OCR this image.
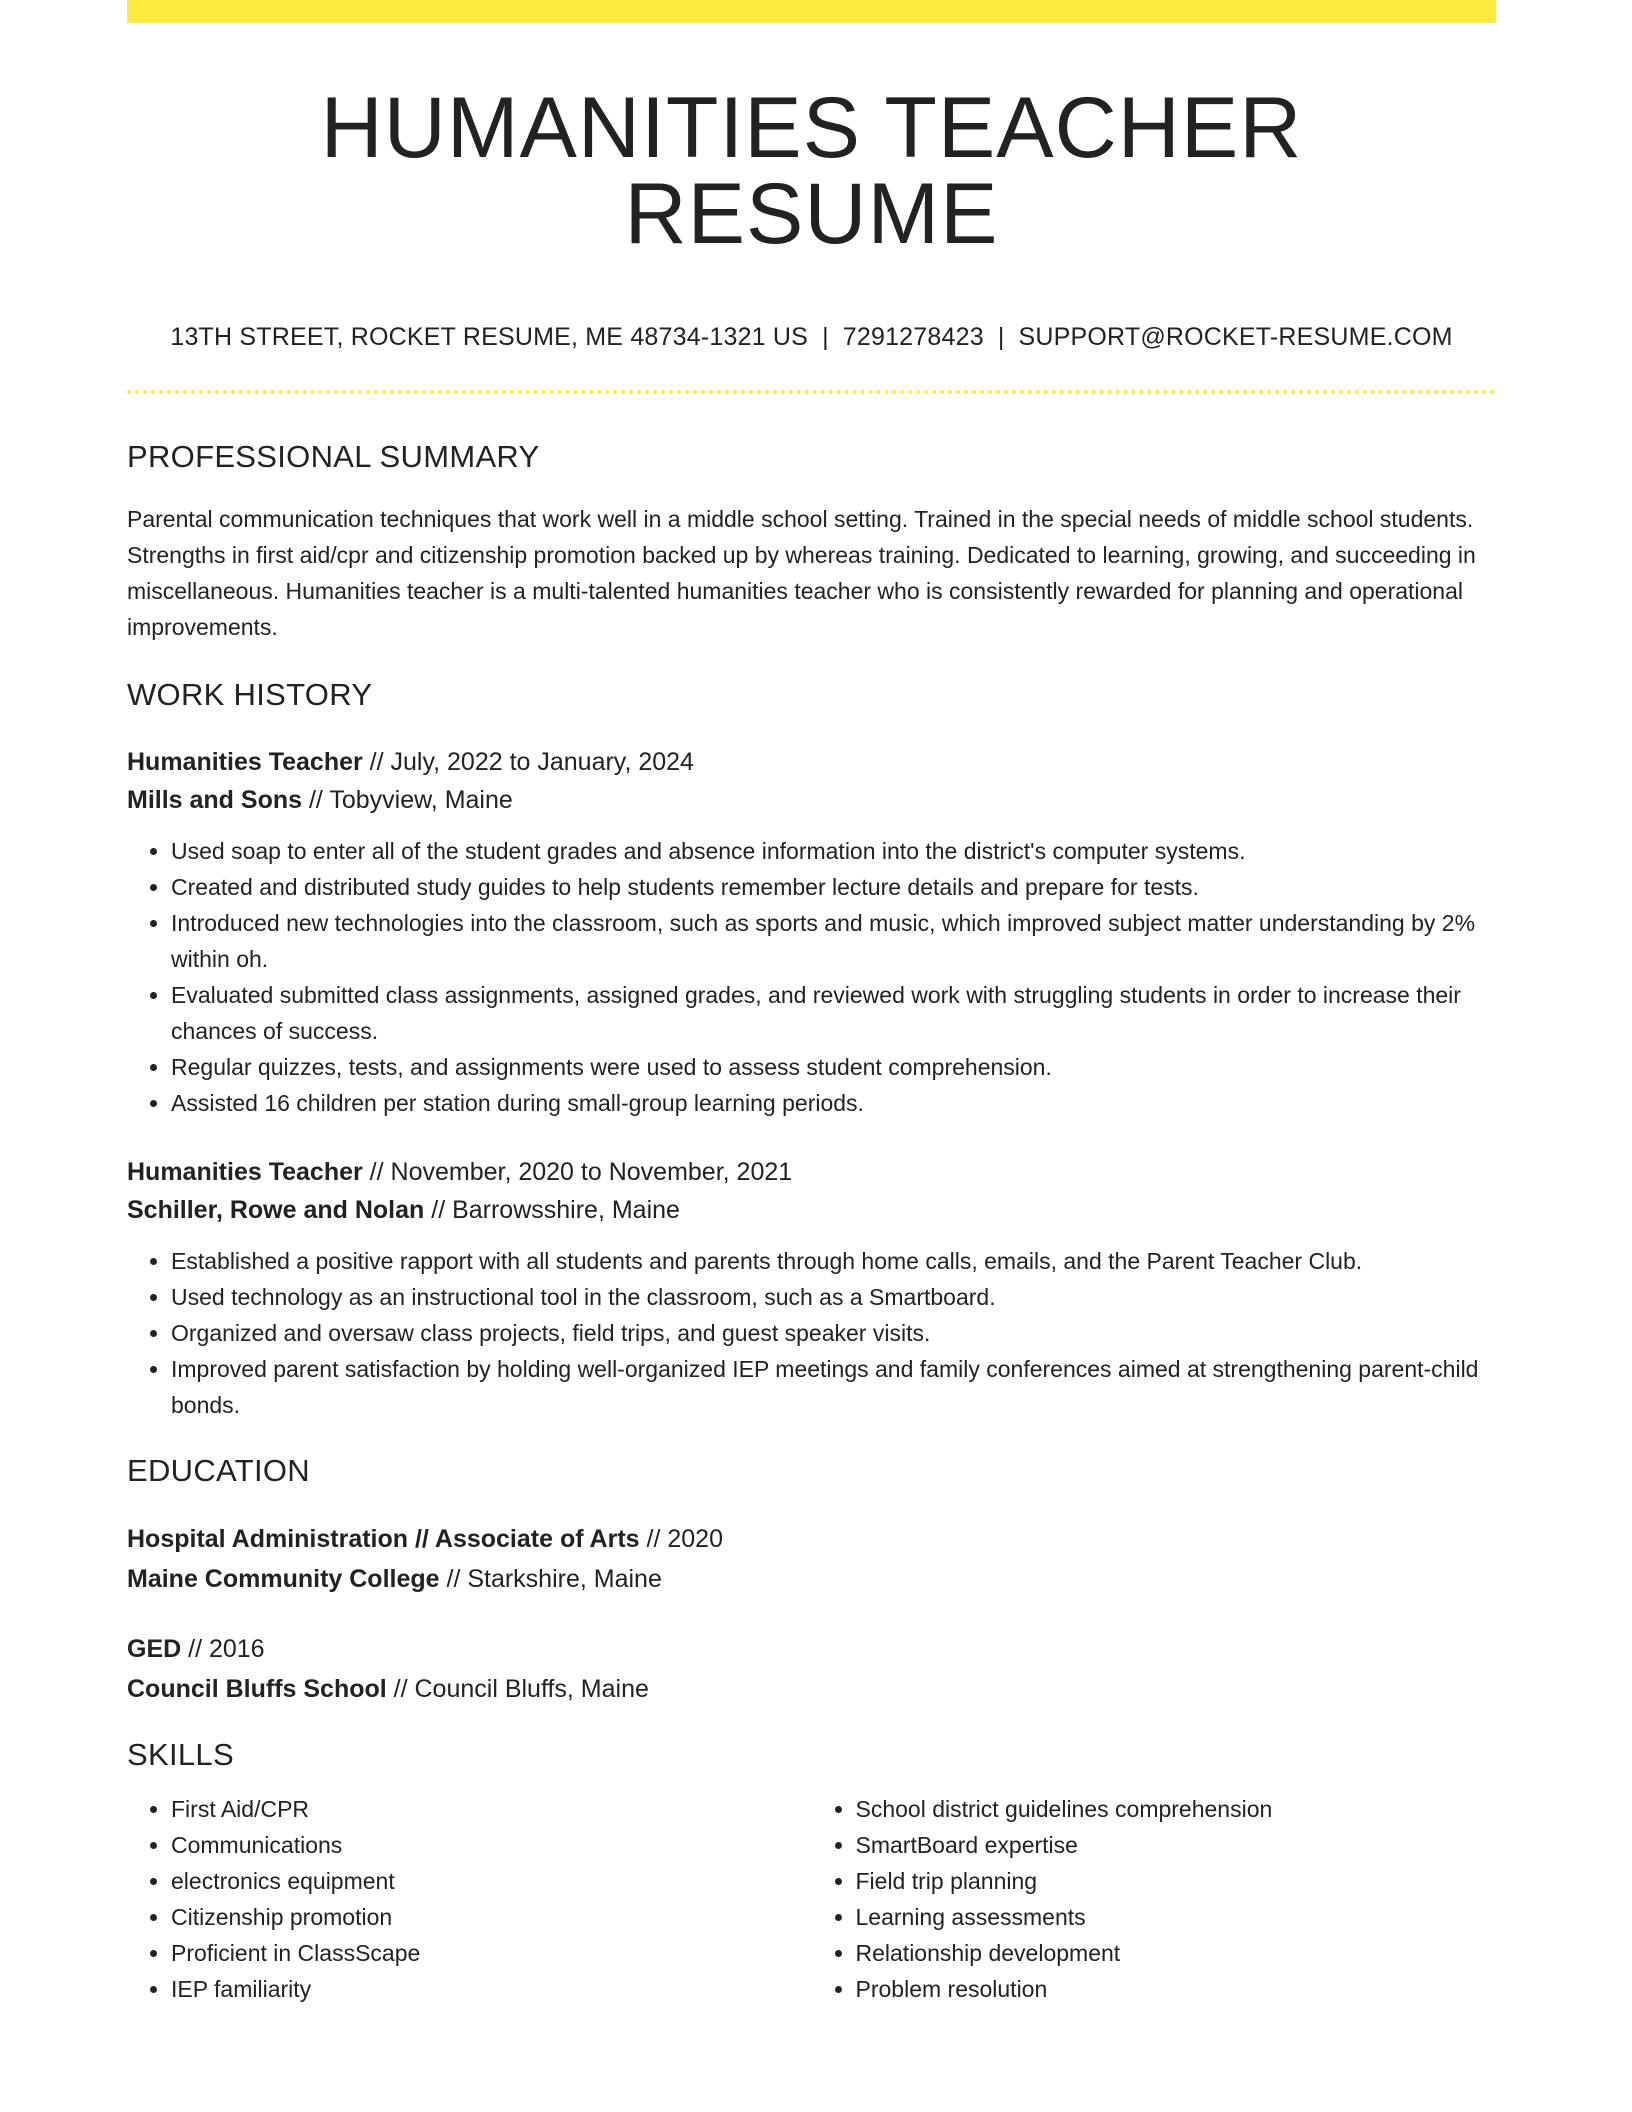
HUMANITIES TEACHER RESUME
13TH STREET, ROCKET RESUME, ME 48734-1321 US | 7291278423 | SUPPORT@ROCKET-RESUME.COM
PROFESSIONAL SUMMARY
Parental communication techniques that work well in a middle school setting. Trained in the special needs of middle school students. Strengths in first aid/cpr and citizenship promotion backed up by whereas training. Dedicated to learning, growing, and succeeding in miscellaneous. Humanities teacher is a multi-talented humanities teacher who is consistently rewarded for planning and operational improvements.
WORK HISTORY
Humanities Teacher // July, 2022 to January, 2024
Mills and Sons // Tobyview, Maine
• Used soap to enter all of the student grades and absence information into the district's computer systems.
• Created and distributed study guides to help students remember lecture details and prepare for tests.
• Introduced new technologies into the classroom, such as sports and music, which improved subject matter understanding by 2% within oh.
• Evaluated submitted class assignments, assigned grades, and reviewed work with struggling students in order to increase their chances of success.
• Regular quizzes, tests, and assignments were used to assess student comprehension.
• Assisted 16 children per station during small-group learning periods.
Humanities Teacher // November, 2020 to November, 2021
Schiller, Rowe and Nolan // Barrowsshire, Maine
• Established a positive rapport with all students and parents through home calls, emails, and the Parent Teacher Club.
• Used technology as an instructional tool in the classroom, such as a Smartboard.
• Organized and oversaw class projects, field trips, and guest speaker visits.
• Improved parent satisfaction by holding well-organized IEP meetings and family conferences aimed at strengthening parent-child bonds.
EDUCATION
Hospital Administration // Associate of Arts // 2020
Maine Community College // Starkshire, Maine
GED // 2016
Council Bluffs School // Council Bluffs, Maine
SKILLS
• First Aid/CPR
• Communications
• electronics equipment
• Citizenship promotion
• Proficient in ClassScape
• IEP familiarity
• School district guidelines comprehension
• SmartBoard expertise
• Field trip planning
• Learning assessments
• Relationship development
• Problem resolution
